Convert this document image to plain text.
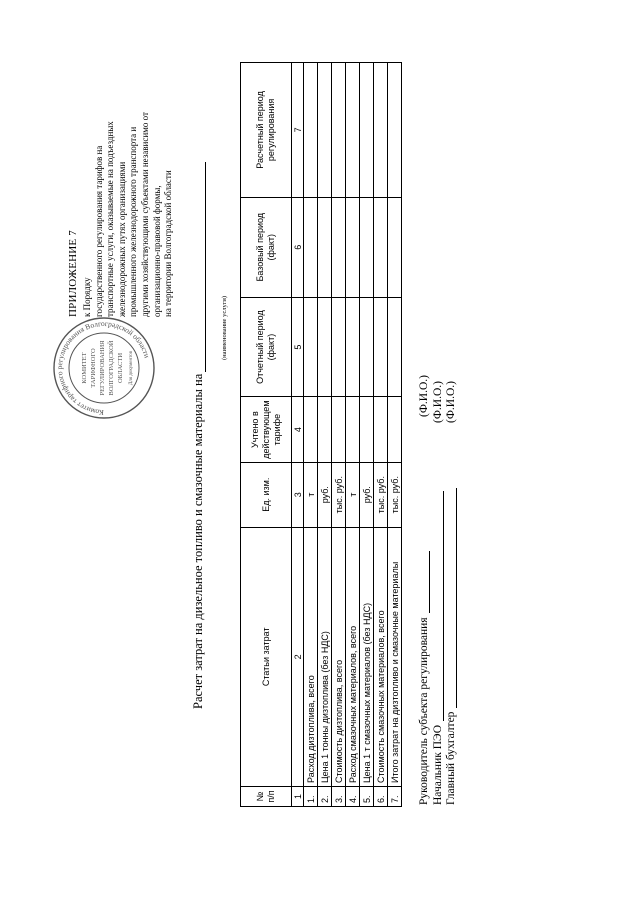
Комитет тарифного регулирования Волгоградской области
КОМИТЕТ ТАРИФНОГО РЕГУЛИРОВАНИЯ ВОЛГОГРАДСКОЙ ОБЛАСТИ Для документов
ПРИЛОЖЕНИЕ 7 к Порядку государственного регулирования тарифов на транспортные услуги, оказываемые на подъездных железнодорожных путях организациями промышленного железнодорожного транспорта и другими хозяйствующими субъектами независимо от организационно-правовой формы, на территории Волгоградской области
Расчет затрат на дизельное топливо и смазочные материалы на
(наименование услуги)
№ п/п	Статьи затрат	Ед. изм.	Учтено в действующем тарифе	Отчетный период (факт)	Базовый период (факт)	Расчетный период регулирования
1	2	3	4	5	6	7
1.	Расход дизтоплива, всего	т				
2.	Цена 1 тонны дизтоплива (без НДС)	руб.				
3.	Стоимость дизтоплива, всего	тыс. руб.				
4.	Расход смазочных материалов, всего	т				
5.	Цена 1 т смазочных материалов (без НДС)	руб.				
6.	Стоимость смазочных материалов, всего	тыс. руб.				
7.	Итого затрат на дизтопливо и смазочные материалы	тыс. руб.				
Руководитель субъекта регулирования
(Ф.И.О.)
Начальник ПЭО
(Ф.И.О.)
Главный бухгалтер
(Ф.И.О.)
